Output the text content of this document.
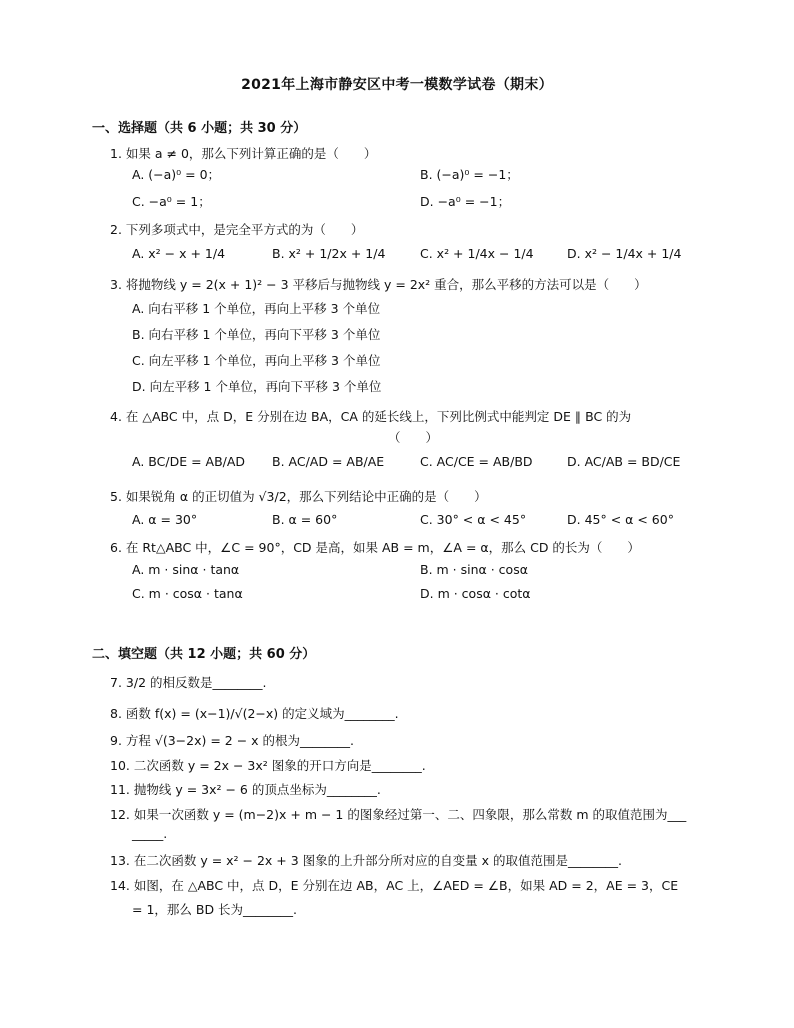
2021年上海市静安区中考一模数学试卷（期末）
一、选择题（共 6 小题；共 30 分）
1. 如果 a ≠ 0，那么下列计算正确的是（　　）
A. (−a)⁰ = 0；	B. (−a)⁰ = −1；
C. −a⁰ = 1；	D. −a⁰ = −1；
2. 下列多项式中，是完全平方式的为（　　）
A. x² − x + 1/4	B. x² + 1/2x + 1/4	C. x² + 1/4x − 1/4	D. x² − 1/4x + 1/4
3. 将抛物线 y = 2(x + 1)² − 3 平移后与抛物线 y = 2x² 重合，那么平移的方法可以是（　　）
A. 向右平移 1 个单位，再向上平移 3 个单位
B. 向右平移 1 个单位，再向下平移 3 个单位
C. 向左平移 1 个单位，再向上平移 3 个单位
D. 向左平移 1 个单位，再向下平移 3 个单位
4. 在 △ABC 中，点 D，E 分别在边 BA，CA 的延长线上，下列比例式中能判定 DE ∥ BC 的为
（　　）
A. BC/DE = AB/AD B. AC/AD = AB/AE	C. AC/CE = AB/BD	D. AC/AB = BD/CE
5. 如果锐角 α 的正切值为 √3/2，那么下列结论中正确的是（　　）
A. α = 30°	B. α = 60°	C. 30° < α < 45°	D. 45° < α < 60°
6. 在 Rt△ABC 中，∠C = 90°，CD 是高，如果 AB = m，∠A = α，那么 CD 的长为（　　）
A. m · sinα · tanα	B. m · sinα · cosα
C. m · cosα · tanα	D. m · cosα · cotα
二、填空题（共 12 小题；共 60 分）
7. 3/2 的相反数是________.
8. 函数 f(x) = (x−1)/√(2−x) 的定义域为________.
9. 方程 √(3−2x) = 2 − x 的根为________.
10. 二次函数 y = 2x − 3x² 图象的开口方向是________.
11. 抛物线 y = 3x² − 6 的顶点坐标为________.
12. 如果一次函数 y = (m−2)x + m − 1 的图象经过第一、二、四象限，那么常数 m 的取值范围为___
_____.
13. 在二次函数 y = x² − 2x + 3 图象的上升部分所对应的自变量 x 的取值范围是________.
14. 如图，在 △ABC 中，点 D，E 分别在边 AB，AC 上，∠AED = ∠B，如果 AD = 2，AE = 3，CE
= 1，那么 BD 长为________.
